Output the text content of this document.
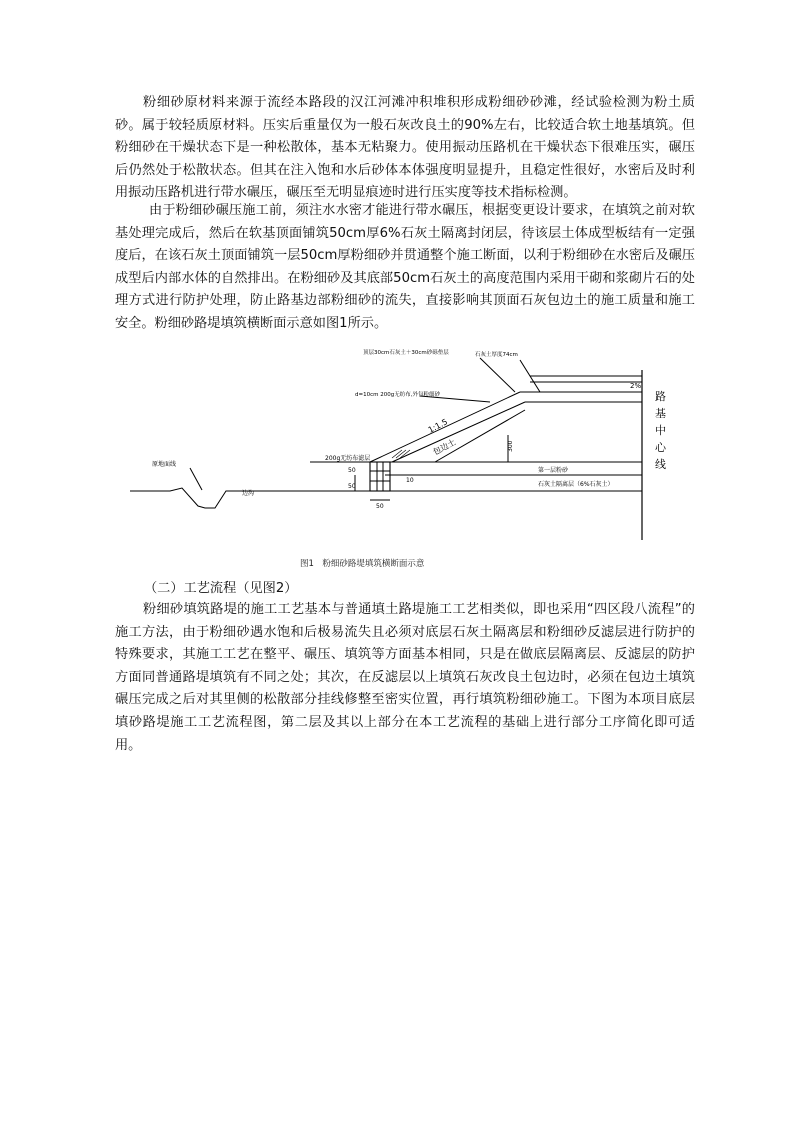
粉细砂原材料来源于流经本路段的汉江河滩冲积堆积形成粉细砂砂滩，经试验检测为粉土质砂。属于较轻质原材料。压实后重量仅为一般石灰改良土的90%左右，比较适合软土地基填筑。但粉细砂在干燥状态下是一种松散体，基本无粘聚力。使用振动压路机在干燥状态下很难压实，碾压后仍然处于松散状态。但其在注入饱和水后砂体本体强度明显提升，且稳定性很好，水密后及时利用振动压路机进行带水碾压，碾压至无明显痕迹时进行压实度等技术指标检测。

由于粉细砂碾压施工前，须注水水密才能进行带水碾压，根据变更设计要求，在填筑之前对软基处理完成后，然后在软基顶面铺筑50cm厚6%石灰土隔离封闭层，待该层土体成型板结有一定强度后，在该石灰土顶面铺筑一层50cm厚粉细砂并贯通整个施工断面，以利于粉细砂在水密后及碾压成型后内部水体的自然排出。在粉细砂及其底部50cm石灰土的高度范围内采用干砌和浆砌片石的处理方式进行防护处理，防止路基边部粉细砂的流失，直接影响其顶面石灰包边土的施工质量和施工安全。粉细砂路堤填筑横断面示意如图1所示。

2%
顶层30cm石灰土＋30cm砂砾垫层	石灰土厚度74cm
d=10cm 200g无纺布,外包粉细砂
1:1.5
包边土	300
200g无纺布滤层
10
50
50
50
第一层粉砂
石灰土隔离层（6%石灰土）
边沟
原地面线
路
基
中
心
线

图1　粉细砂路堤填筑横断面示意

（二）工艺流程（见图2）

粉细砂填筑路堤的施工工艺基本与普通填土路堤施工工艺相类似，即也采用“四区段八流程”的施工方法，由于粉细砂遇水饱和后极易流失且必须对底层石灰土隔离层和粉细砂反滤层进行防护的特殊要求，其施工工艺在整平、碾压、填筑等方面基本相同，只是在做底层隔离层、反滤层的防护方面同普通路堤填筑有不同之处；其次，在反滤层以上填筑石灰改良土包边时，必须在包边土填筑碾压完成之后对其里侧的松散部分挂线修整至密实位置，再行填筑粉细砂施工。下图为本项目底层填砂路堤施工工艺流程图，第二层及其以上部分在本工艺流程的基础上进行部分工序简化即可适用。
